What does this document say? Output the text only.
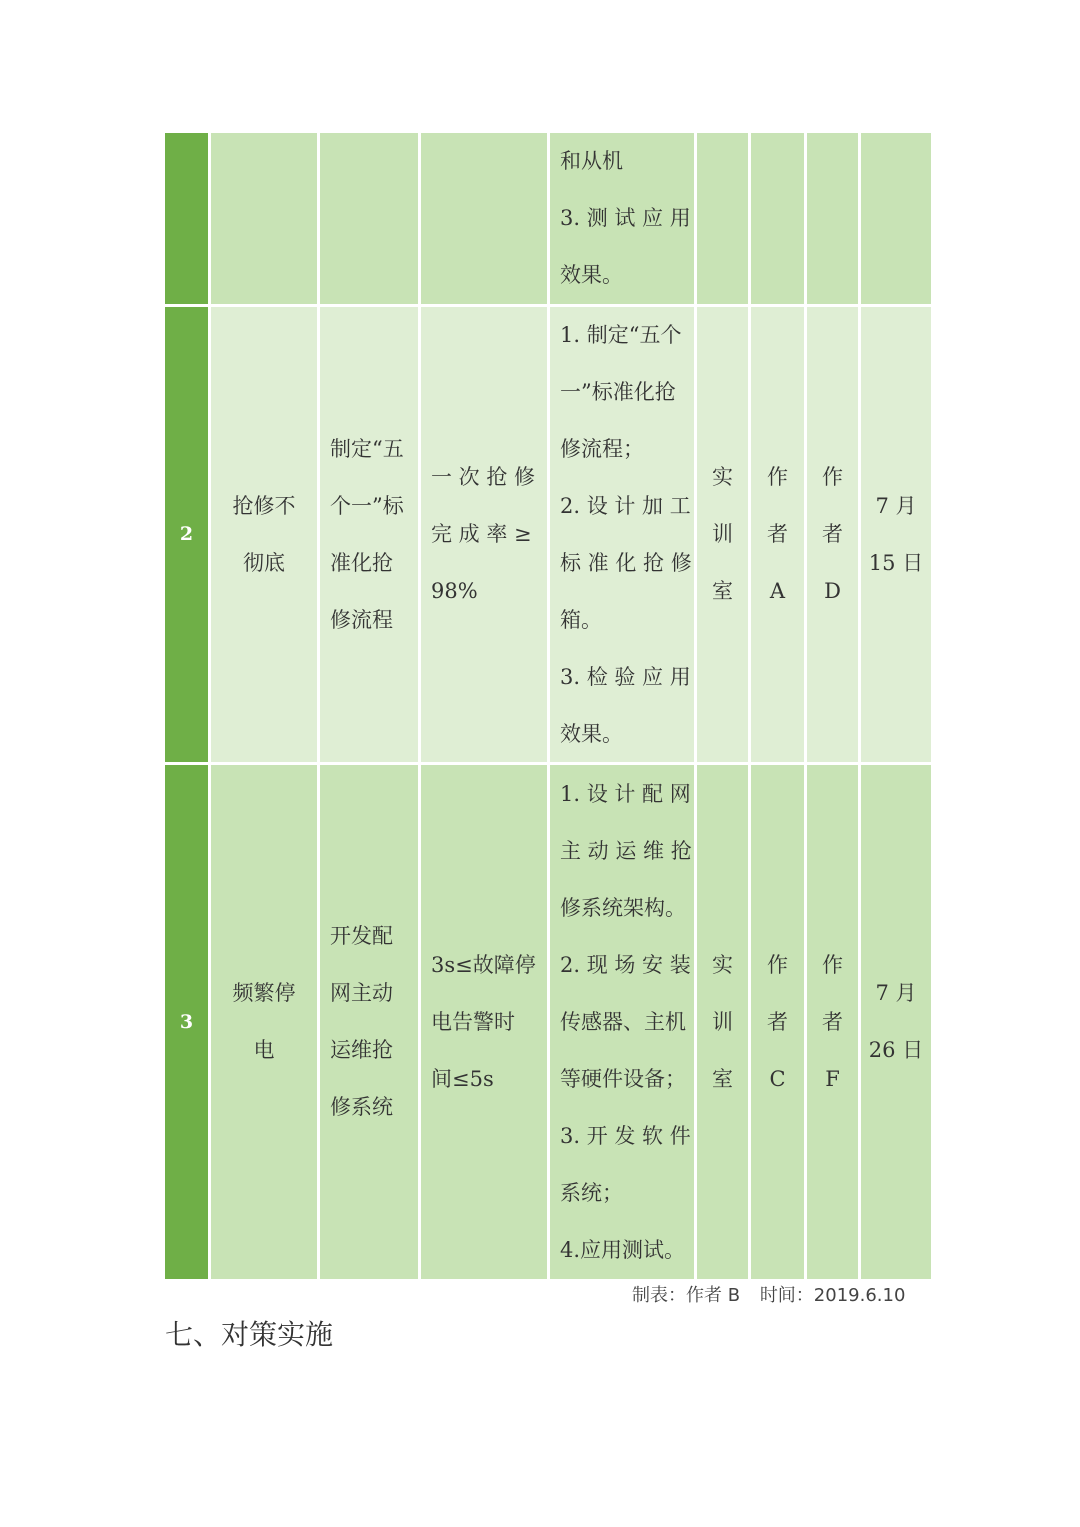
和从机
3. 测 试 应 用
效果。
2
抢修不
彻底
制定“五
个一”标
准化抢
修流程
一 次 抢 修
完 成 率 ≥
98%
1. 制定“五个
一”标准化抢
修流程；
2. 设 计 加 工
标 准 化 抢 修
箱。
3. 检 验 应 用
效果。
实
训
室
作
者
A
作
者
D
7 月
15 日
3
频繁停
电
开发配
网主动
运维抢
修系统
3s≤故障停
电告警时
间≤5s
1. 设 计 配 网
主 动 运 维 抢
修系统架构。
2. 现 场 安 装
传感器、主机
等硬件设备；
3. 开 发 软 件
系统；
4.应用测试。
实
训
室
作
者
C
作
者
F
7 月
26 日
制表：作者 B 时间：2019.6.10
七、对策实施
